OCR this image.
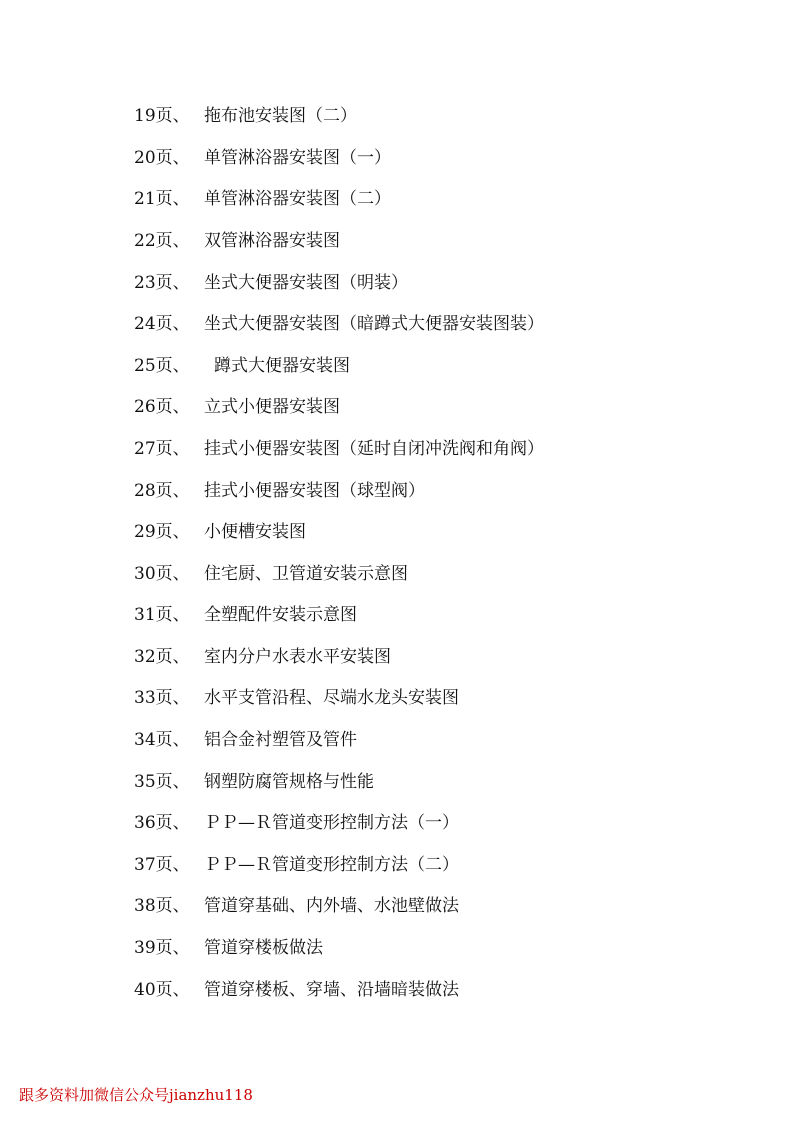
19页、 拖布池安装图（二）
20页、 单管淋浴器安装图（一）
21页、 单管淋浴器安装图（二）
22页、 双管淋浴器安装图
23页、 坐式大便器安装图（明装）
24页、 坐式大便器安装图（暗蹲式大便器安装图装）
25页、 蹲式大便器安装图
26页、 立式小便器安装图
27页、 挂式小便器安装图（延时自闭冲洗阀和角阀）
28页、 挂式小便器安装图（球型阀）
29页、 小便槽安装图
30页、 住宅厨、卫管道安装示意图
31页、 全塑配件安装示意图
32页、 室内分户水表水平安装图
33页、 水平支管沿程、尽端水龙头安装图
34页、 铝合金衬塑管及管件
35页、 钢塑防腐管规格与性能
36页、 ＰＰ—Ｒ管道变形控制方法（一）
37页、 ＰＰ—Ｒ管道变形控制方法（二）
38页、 管道穿基础、内外墙、水池壁做法
39页、 管道穿楼板做法
40页、 管道穿楼板、穿墙、沿墙暗装做法
跟多资料加微信公众号jianzhu118
